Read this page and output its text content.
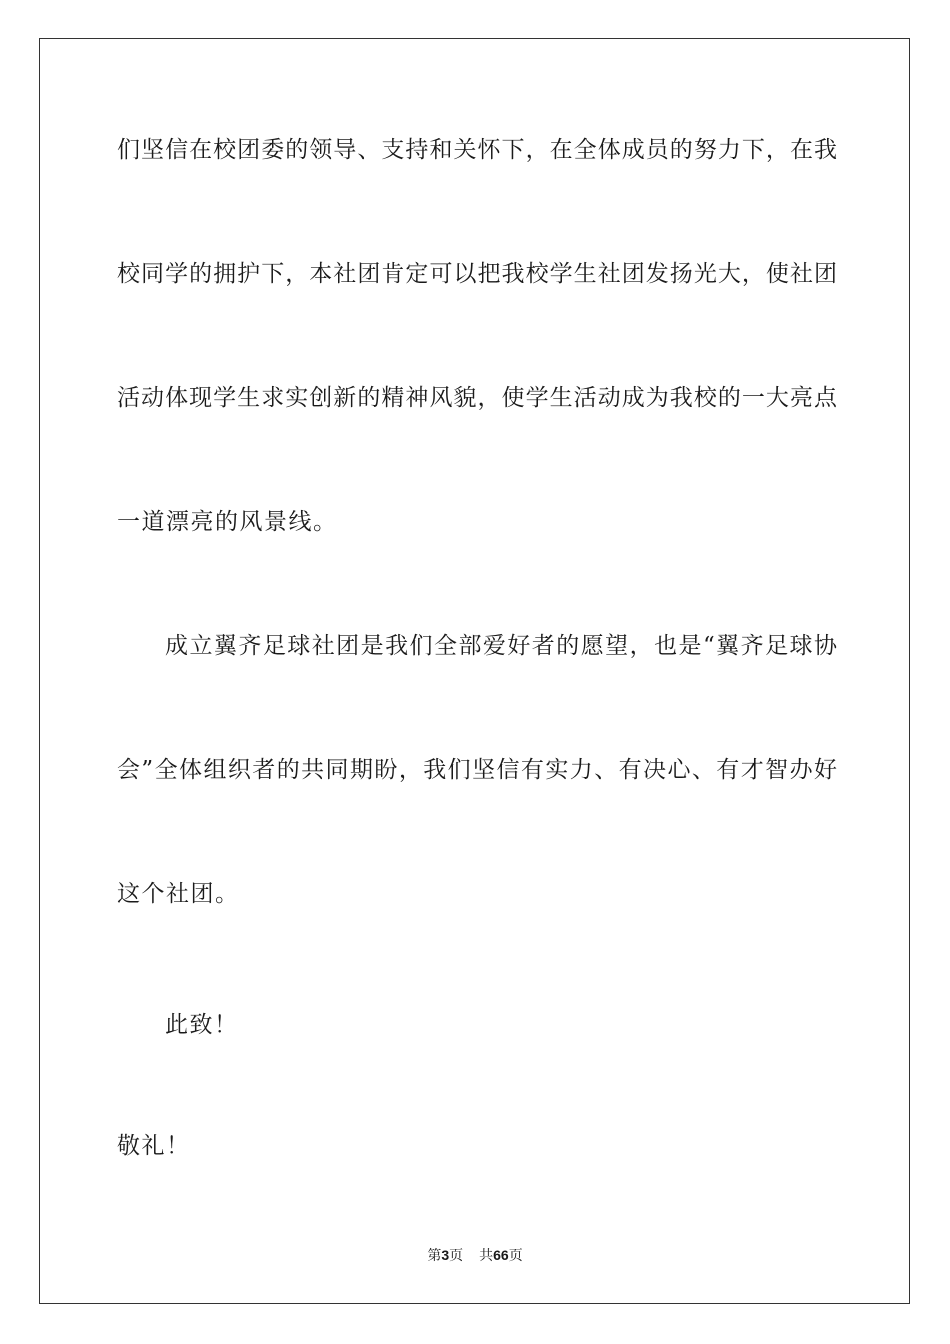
们坚信在校团委的领导、支持和关怀下，在全体成员的努力下，在我
校同学的拥护下，本社团肯定可以把我校学生社团发扬光大，使社团
活动体现学生求实创新的精神风貌，使学生活动成为我校的一大亮点
一道漂亮的风景线。
成立翼齐足球社团是我们全部爱好者的愿望，也是“翼齐足球协
会”全体组织者的共同期盼，我们坚信有实力、有决心、有才智办好
这个社团。
此致！
敬礼！
第3页 共66页
